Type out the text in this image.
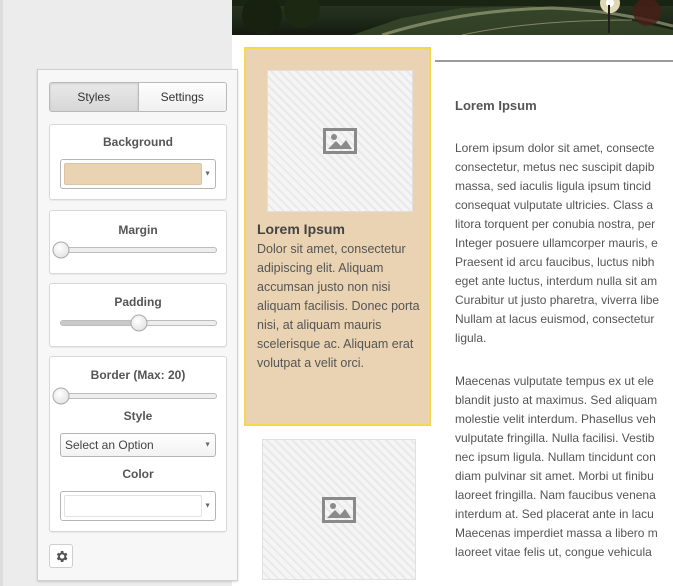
Styles	Settings
Background
▼
Margin
Padding
Border (Max: 20)
Style
Select an Option	▼
Color
▼
Lorem Ipsum
Dolor sit amet, consectetur adipiscing elit. Aliquam accumsan justo non nisi aliquam facilisis. Donec porta nisi, at aliquam mauris scelerisque ac. Aliquam erat volutpat a velit orci.
Lorem Ipsum

Lorem ipsum dolor sit amet, consecte

consectetur, metus nec suscipit dapib

massa, sed iaculis ligula ipsum tincid

consequat vulputate ultricies. Class a

litora torquent per conubia nostra, per

Integer posuere ullamcorper mauris, e

Praesent id arcu faucibus, luctus nibh

eget ante luctus, interdum nulla sit am

Curabitur ut justo pharetra, viverra libe

Nullam at lacus euismod, consectetur

ligula.

Maecenas vulputate tempus ex ut ele

blandit justo at maximus. Sed aliquam

molestie velit interdum. Phasellus veh

vulputate fringilla. Nulla facilisi. Vestib

nec ipsum ligula. Nullam tincidunt con

diam pulvinar sit amet. Morbi ut finibu

laoreet fringilla. Nam faucibus venena

interdum at. Sed placerat ante in lacu

Maecenas imperdiet massa a libero m

laoreet vitae felis ut, congue vehicula
